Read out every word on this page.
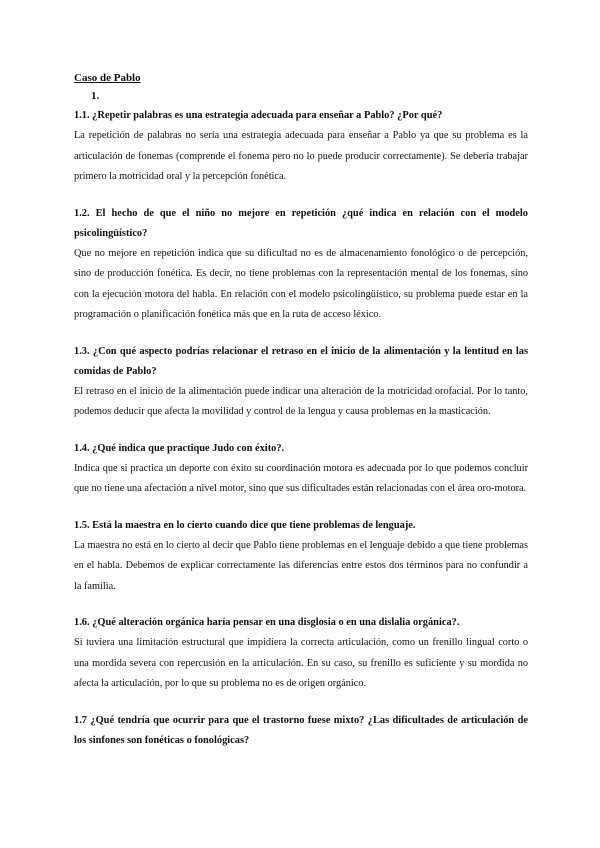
Caso de Pablo

1.

1.1. ¿Repetir palabras es una estrategia adecuada para enseñar a Pablo? ¿Por qué?

La repetición de palabras no sería una estrategia adecuada para enseñar a Pablo ya que su problema es la articulación de fonemas (comprende el fonema pero no lo puede producir correctamente). Se debería trabajar primero la motricidad oral y la percepción fonética.

1.2. El hecho de que el niño no mejore en repetición ¿qué indica en relación con el modelo psicolingüístico?

Que no mejore en repetición indica que su dificultad no es de almacenamiento fonológico o de percepción, sino de producción fonética. Es decir, no tiene problemas con la representación mental de los fonemas, sino con la ejecución motora del habla. En relación con el modelo psicolingüístico, su problema puede estar en la programación o planificación fonética más que en la ruta de acceso léxico.

1.3. ¿Con qué aspecto podrías relacionar el retraso en el inicio de la alimentación y la lentitud en las comidas de Pablo?

El retraso en el inicio de la alimentación puede indicar una alteración de la motricidad orofacial. Por lo tanto, podemos deducir que afecta la movilidad y control de la lengua y causa problemas en la masticación.

1.4. ¿Qué indica que practique Judo con éxito?.

Indica que si practica un deporte con éxito su coordinación motora es adecuada por lo que podemos concluir que no tiene una afectación a nivel motor, sino que sus dificultades están relacionadas con el área oro-motora.

1.5. Está la maestra en lo cierto cuando dice que tiene problemas de lenguaje.

La maestra no está en lo cierto al decir que Pablo tiene problemas en el lenguaje debido a que tiene problemas en el habla. Debemos de explicar correctamente las diferencias entre estos dos términos para no confundir a la familia.

1.6. ¿Qué alteración orgánica haría pensar en una disglosia o en una dislalia orgánica?.

Si tuviera una limitación estructural que impidiera la correcta articulación, como un frenillo lingual corto o una mordida severa con repercusión en la articulación. En su caso, su frenillo es suficiente y su mordida no afecta la articulación, por lo que su problema no es de origen orgánico.

1.7 ¿Qué tendría que ocurrir para que el trastorno fuese mixto? ¿Las dificultades de articulación de los sinfones son fonéticas o fonológicas?
